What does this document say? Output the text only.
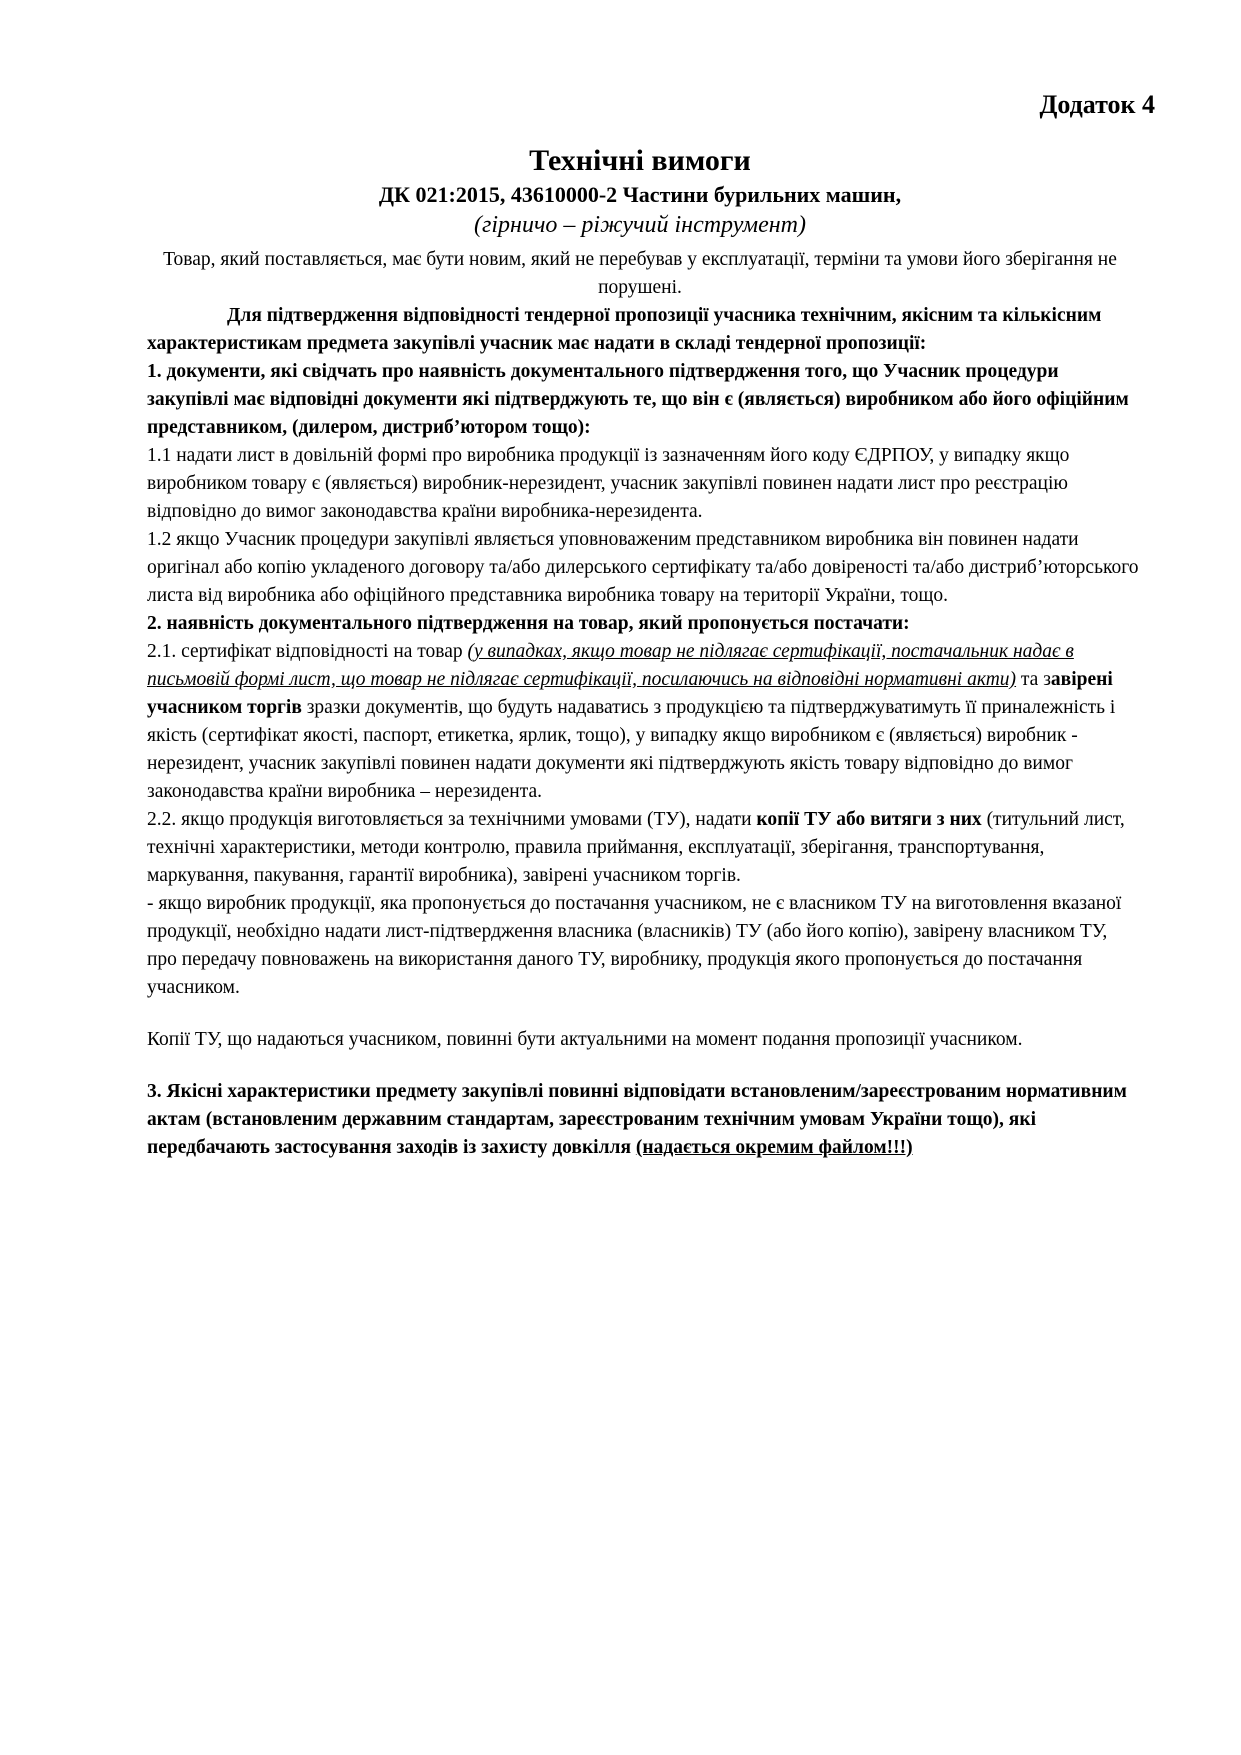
Додаток 4
Технічні вимоги
ДК 021:2015, 43610000-2 Частини бурильних машин,
(гірничо – ріжучий інструмент)
Товар, який поставляється, має бути новим, який не перебував у експлуатації, терміни та умови його зберігання не порушені.

Для підтвердження відповідності тендерної пропозиції учасника технічним, якісним та кількісним характеристикам предмета закупівлі учасник має надати в складі тендерної пропозиції:

1. документи, які свідчать про наявність документального підтвердження того, що Учасник процедури закупівлі має відповідні документи які підтверджують те, що він є (являється) виробником або його офіційним представником, (дилером, дистриб’ютором тощо):

1.1 надати лист в довільній формі про виробника продукції із зазначенням його коду ЄДРПОУ, у випадку якщо виробником товару є (являється) виробник-нерезидент, учасник закупівлі повинен надати лист про реєстрацію відповідно до вимог законодавства країни виробника-нерезидента.

1.2 якщо Учасник процедури закупівлі являється уповноваженим представником виробника він повинен надати оригінал або копію укладеного договору та/або дилерського сертифікату та/або довіреності та/або дистриб’юторського листа від виробника або офіційного представника виробника товару на території України, тощо.

2. наявність документального підтвердження на товар, який пропонується постачати:

2.1. сертифікат відповідності на товар (у випадках, якщо товар не підлягає сертифікації, постачальник надає в письмовій формі лист, що товар не підлягає сертифікації, посилаючись на відповідні нормативні акти) та завірені учасником торгів зразки документів, що будуть надаватись з продукцією та підтверджуватимуть її приналежність і якість (сертифікат якості, паспорт, етикетка, ярлик, тощо), у випадку якщо виробником є (являється) виробник - нерезидент, учасник закупівлі повинен надати документи які підтверджують якість товару відповідно до вимог законодавства країни виробника – нерезидента.

2.2. якщо продукція виготовляється за технічними умовами (ТУ), надати копії ТУ або витяги з них (титульний лист, технічні характеристики, методи контролю, правила приймання, експлуатації, зберігання, транспортування, маркування, пакування, гарантії виробника), завірені учасником торгів.

- якщо виробник продукції, яка пропонується до постачання учасником, не є власником ТУ на виготовлення вказаної продукції, необхідно надати лист-підтвердження власника (власників) ТУ (або його копію), завірену власником ТУ, про передачу повноважень на використання даного ТУ, виробнику, продукція якого пропонується до постачання учасником.

Копії ТУ, що надаються учасником, повинні бути актуальними на момент подання пропозиції учасником.

3. Якісні характеристики предмету закупівлі повинні відповідати встановленим/зареєстрованим нормативним актам (встановленим державним стандартам, зареєстрованим технічним умовам України тощо), які передбачають застосування заходів із захисту довкілля (надається окремим файлом!!!)
